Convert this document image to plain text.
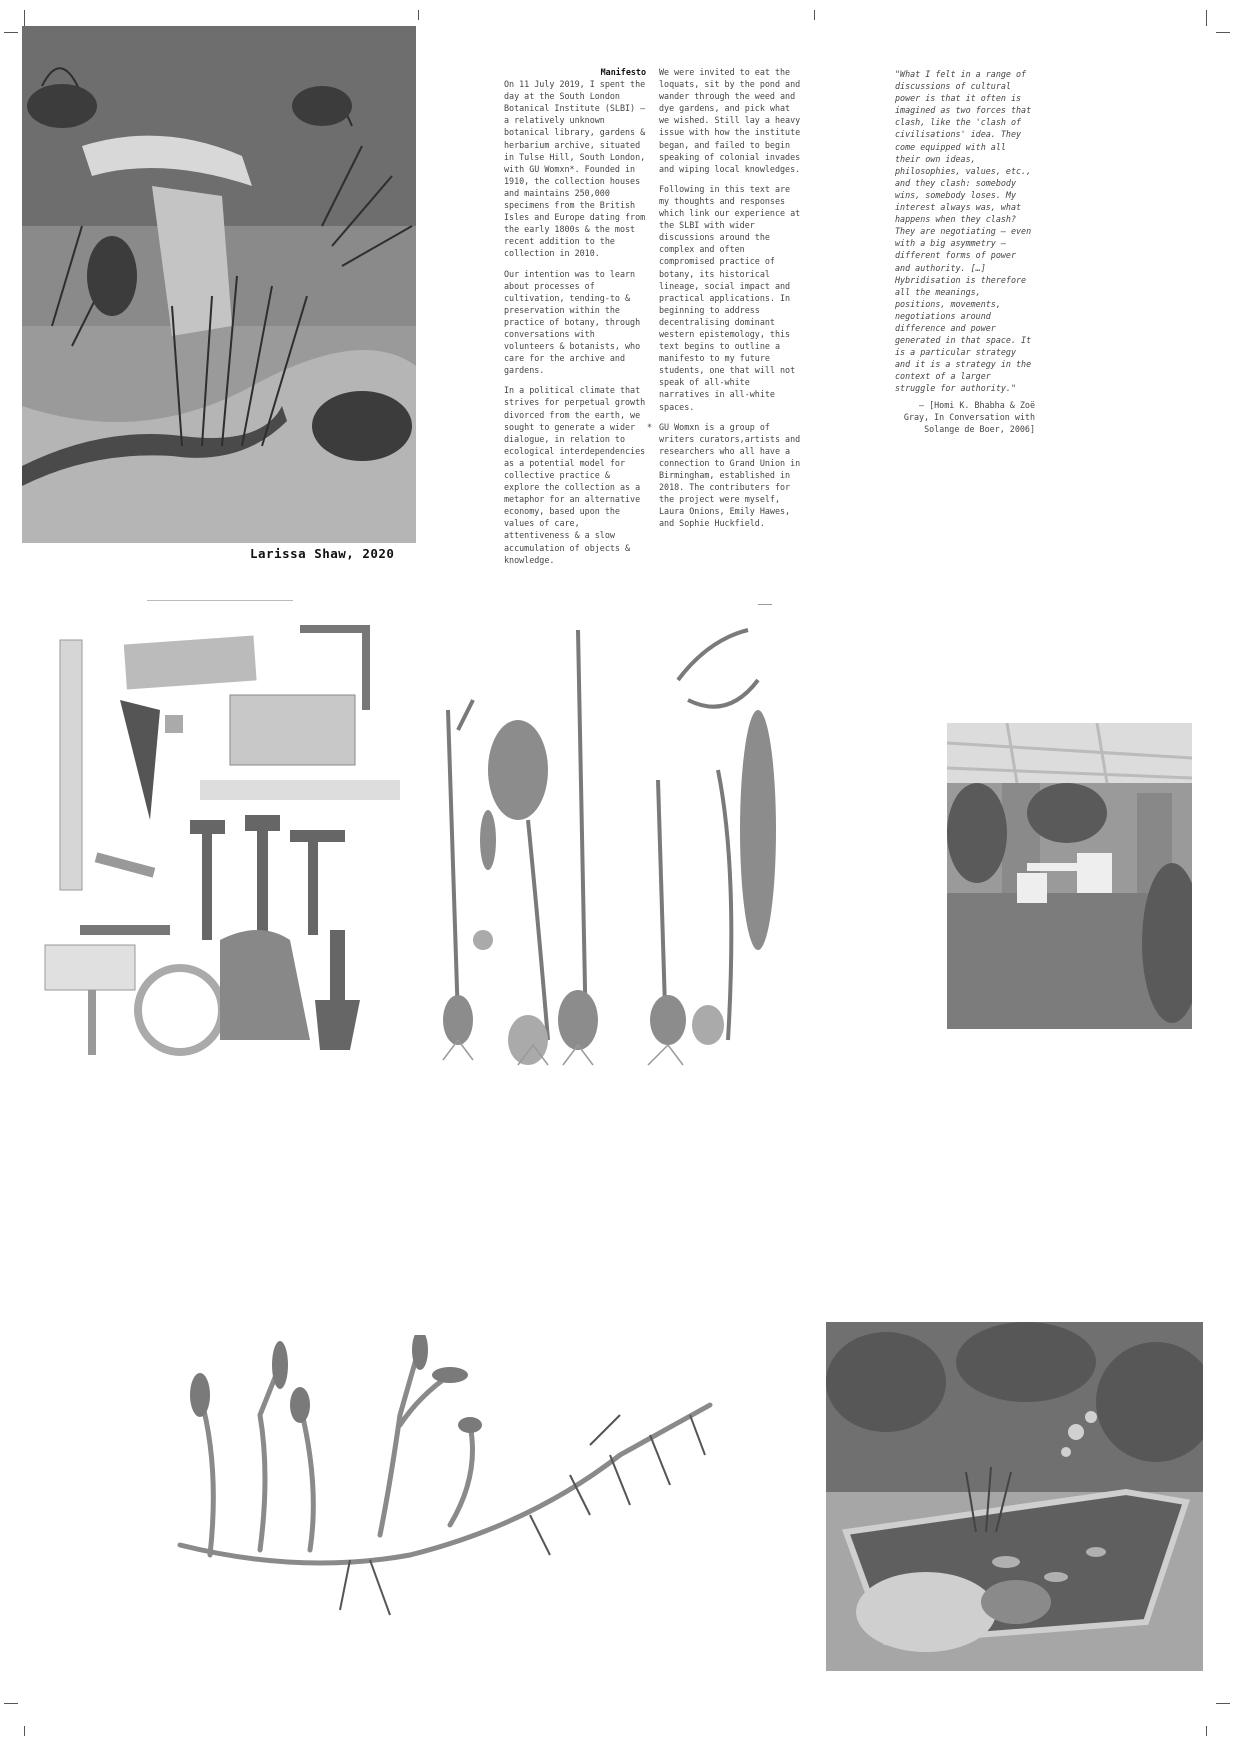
Larissa Shaw, 2020

Manifesto

On 11 July 2019, I spent the day at the South London Botanical Institute (SLBI) – a relatively unknown botanical library, gardens & herbarium archive, situated in Tulse Hill, South London, with GU Womxn*. Founded in 1910, the collection houses and maintains 250,000 specimens from the British Isles and Europe dating from the early 1800s & the most recent addition to the collection in 2010.

Our intention was to learn about processes of cultivation, tending-to & preservation within the practice of botany, through conversations with volunteers & botanists, who care for the archive and gardens.

In a political climate that strives for perpetual growth divorced from the earth, we sought to generate a wider dialogue, in relation to ecological interdependencies as a potential model for collective practice & explore the collection as a metaphor for an alternative economy, based upon the values of care, attentiveness & a slow accumulation of objects & knowledge.

We were invited to eat the loquats, sit by the pond and wander through the weed and dye gardens, and pick what we wished. Still lay a heavy issue with how the institute began, and failed to begin speaking of colonial invades and wiping local knowledges.

Following in this text are my thoughts and responses which link our experience at the SLBI with wider discussions around the complex and often compromised practice of botany, its historical lineage, social impact and practical applications. In beginning to address decentralising dominant western epistemology, this text begins to outline a manifesto to my future students, one that will not speak of all-white narratives in all-white spaces.

* GU Womxn is a group of writers curators,artists and researchers who all have a connection to Grand Union in Birmingham, established in 2018. The contributers for the project were myself, Laura Onions, Emily Hawes, and Sophie Huckfield.
"What I felt in a range of discussions of cultural power is that it often is imagined as two forces that clash, like the 'clash of civilisations' idea. They come equipped with all their own ideas, philosophies, values, etc., and they clash: somebody wins, somebody loses. My interest always was, what happens when they clash? They are negotiating – even with a big asymmetry – different forms of power and authority. […] Hybridisation is therefore all the meanings, positions, movements, negotiations around difference and power generated in that space. It is a particular strategy and it is a strategy in the context of a larger struggle for authority."
– [Homi K. Bhabha & Zoë Gray, In Conversation with Solange de Boer, 2006]
